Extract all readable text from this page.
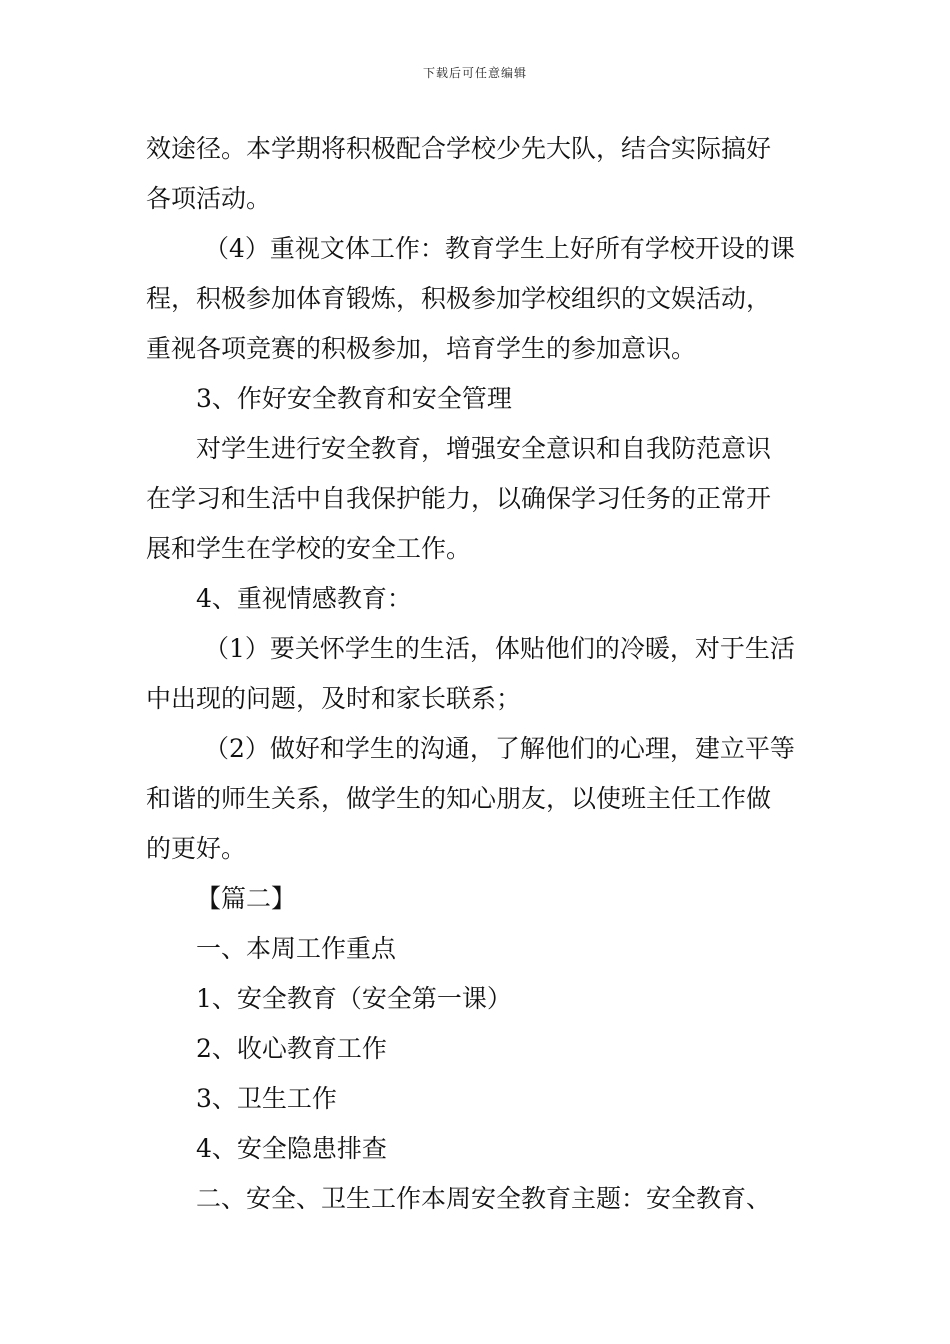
下载后可任意编辑
效途径。本学期将积极配合学校少先大队，结合实际搞好
各项活动。
（4）重视文体工作：教育学生上好所有学校开设的课
程，积极参加体育锻炼，积极参加学校组织的文娱活动，
重视各项竞赛的积极参加，培育学生的参加意识。
3、作好安全教育和安全管理
对学生进行安全教育，增强安全意识和自我防范意识
在学习和生活中自我保护能力，以确保学习任务的正常开
展和学生在学校的安全工作。
4、重视情感教育：
（1）要关怀学生的生活，体贴他们的冷暖，对于生活
中出现的问题，及时和家长联系；
（2）做好和学生的沟通，了解他们的心理，建立平等
和谐的师生关系，做学生的知心朋友，以使班主任工作做
的更好。
【篇二】
一、本周工作重点
1、安全教育（安全第一课）
2、收心教育工作
3、卫生工作
4、安全隐患排查
二、安全、卫生工作本周安全教育主题：安全教育、
